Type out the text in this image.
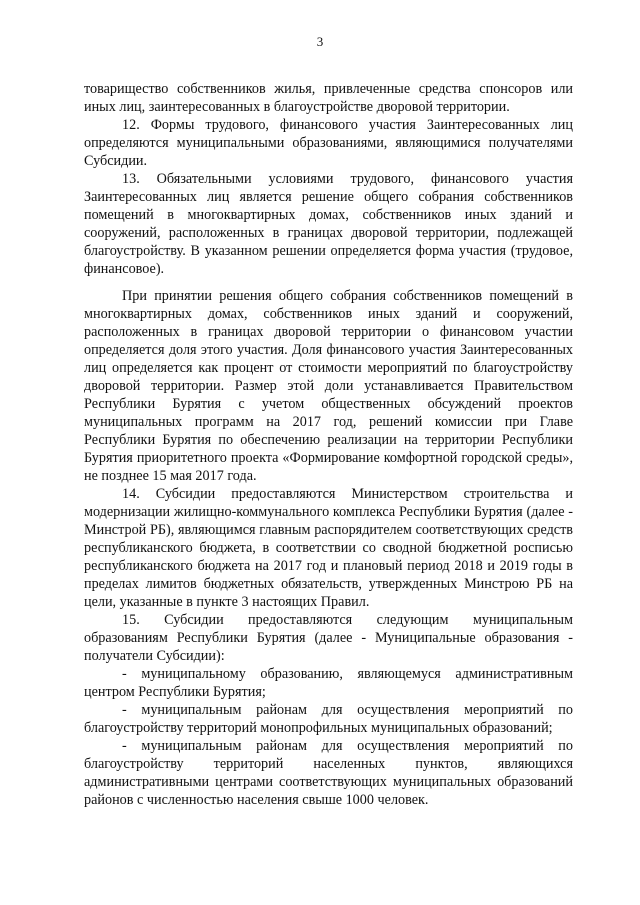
3

товарищество собственников жилья, привлеченные средства спонсоров или иных лиц, заинтересованных в благоустройстве дворовой территории.

12. Формы трудового, финансового участия Заинтересованных лиц определяются муниципальными образованиями, являющимися получателями Субсидии.

13. Обязательными условиями трудового, финансового участия Заинтересованных лиц является решение общего собрания собственников помещений в многоквартирных домах, собственников иных зданий и сооружений, расположенных в границах дворовой территории, подлежащей благоустройству. В указанном решении определяется форма участия (трудовое, финансовое).

При принятии решения общего собрания собственников помещений в многоквартирных домах, собственников иных зданий и сооружений, расположенных в границах дворовой территории о финансовом участии определяется доля этого участия. Доля финансового участия Заинтересованных лиц определяется как процент от стоимости мероприятий по благоустройству дворовой территории. Размер этой доли устанавливается Правительством Республики Бурятия с учетом общественных обсуждений проектов муниципальных программ на 2017 год, решений комиссии при Главе Республики Бурятия по обеспечению реализации на территории Республики Бурятия приоритетного проекта «Формирование комфортной городской среды», не позднее 15 мая 2017 года.

14. Субсидии предоставляются Министерством строительства и модернизации жилищно-коммунального комплекса Республики Бурятия (далее - Минстрой РБ), являющимся главным распорядителем соответствующих средств республиканского бюджета, в соответствии со сводной бюджетной росписью республиканского бюджета на 2017 год и плановый период 2018 и 2019 годы в пределах лимитов бюджетных обязательств, утвержденных Минстрою РБ на цели, указанные в пункте 3 настоящих Правил.

15. Субсидии предоставляются следующим муниципальным образованиям Республики Бурятия (далее - Муниципальные образования - получатели Субсидии):

- муниципальному образованию, являющемуся административным центром Республики Бурятия;

- муниципальным районам для осуществления мероприятий по благоустройству территорий монопрофильных муниципальных образований;

- муниципальным районам для осуществления мероприятий по благоустройству территорий населенных пунктов, являющихся административными центрами соответствующих муниципальных образований районов с численностью населения свыше 1000 человек.
